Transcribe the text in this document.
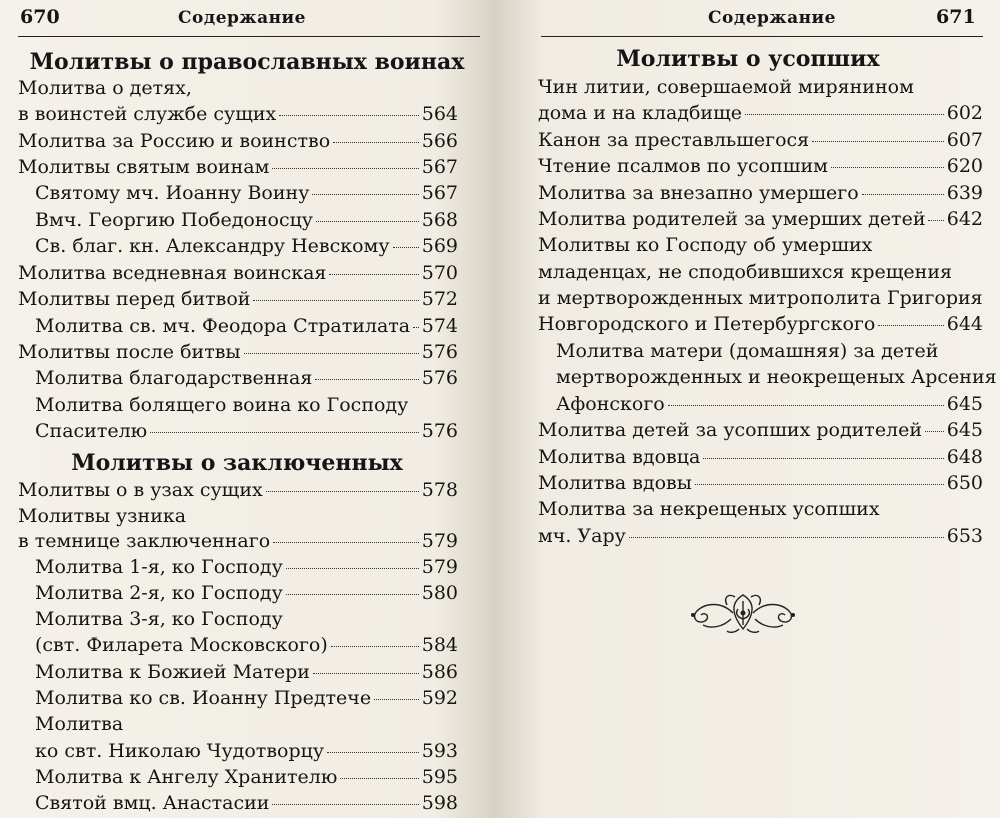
670	Содержание
Молитвы о православных воинах
Молитва о детях,
в воинстей службе сущих	564
Молитва за Россию и воинство	566
Молитвы святым воинам	567
Святому мч. Иоанну Воину	567
Вмч. Георгию Победоносцу	568
Св. благ. кн. Александру Невскому 569
Молитва вседневная воинская	570
Молитвы перед битвой	572
Молитва св. мч. Феодора Стратилата 574
Молитвы после битвы	576
Молитва благодарственная	576
Молитва болящего воина ко Господу
Спасителю	576
Молитвы о заключенных
Молитвы о в узах сущих	578
Молитвы узника
в темнице заключеннаго	579
Молитва 1-я, ко Господу	579
Молитва 2-я, ко Господу	580
Молитва 3-я, ко Господу
(свт. Филарета Московского)	584
Молитва к Божией Матери	586
Молитва ко св. Иоанну Предтече	592
Молитва
ко свт. Николаю Чудотворцу	593
Молитва к Ангелу Хранителю	595
Святой вмц. Анастасии	598
Содержание	671
Молитвы о усопших
Чин литии, совершаемой мирянином
дома и на кладбище	602
Канон за преставльшегося	607
Чтение псалмов по усопшим	620
Молитва за внезапно умершего	639
Молитва родителей за умерших детей 642
Молитвы ко Господу об умерших
младенцах, не сподобившихся крещения
и мертворожденных митрополита Григория
Новгородского и Петербургского	644
Молитва матери (домашняя) за детей
мертворожденных и неокрещеных Арсения
Афонского	645
Молитва детей за усопших родителей 645
Молитва вдовца	648
Молитва вдовы	650
Молитва за некрещеных усопших
мч. Уару	653
